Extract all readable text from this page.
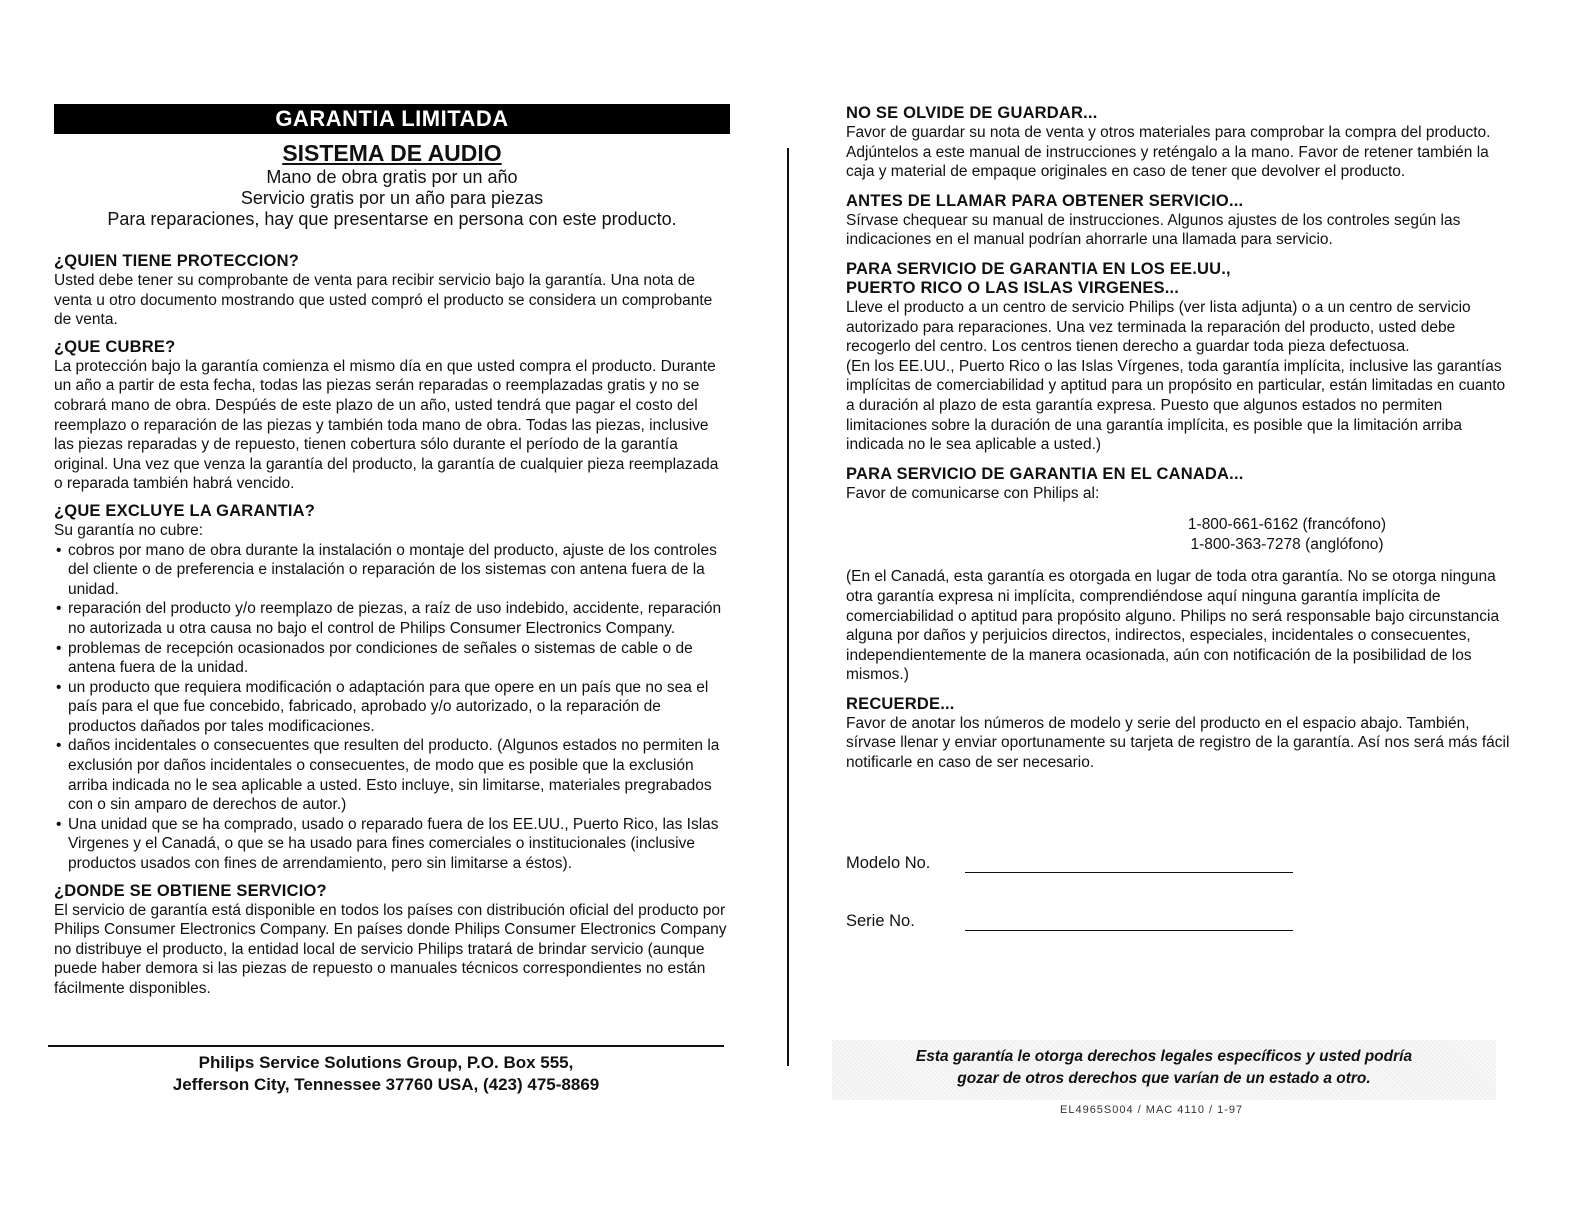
GARANTIA LIMITADA
SISTEMA DE AUDIO
Mano de obra gratis por un año
Servicio gratis por un año para piezas
Para reparaciones, hay que presentarse en persona con este producto.
¿QUIEN TIENE PROTECCION?
Usted debe tener su comprobante de venta para recibir servicio bajo la garantía. Una nota de venta u otro documento mostrando que usted compró el producto se considera un comprobante de venta.
¿QUE CUBRE?
La protección bajo la garantía comienza el mismo día en que usted compra el producto. Durante un año a partir de esta fecha, todas las piezas serán reparadas o reemplazadas gratis y no se cobrará mano de obra. Despúés de este plazo de un año, usted tendrá que pagar el costo del reemplazo o reparación de las piezas y también toda mano de obra. Todas las piezas, inclusive las piezas reparadas y de repuesto, tienen cobertura sólo durante el período de la garantía original. Una vez que venza la garantía del producto, la garantía de cualquier pieza reemplazada o reparada también habrá vencido.
¿QUE EXCLUYE LA GARANTIA?
Su garantía no cubre:
• cobros por mano de obra durante la instalación o montaje del producto, ajuste de los controles del cliente o de preferencia e instalación o reparación de los sistemas con antena fuera de la unidad.
• reparación del producto y/o reemplazo de piezas, a raíz de uso indebido, accidente, reparación no autorizada u otra causa no bajo el control de Philips Consumer Electronics Company.
• problemas de recepción ocasionados por condiciones de señales o sistemas de cable o de antena fuera de la unidad.
• un producto que requiera modificación o adaptación para que opere en un país que no sea el país para el que fue concebido, fabricado, aprobado y/o autorizado, o la reparación de productos dañados por tales modificaciones.
• daños incidentales o consecuentes que resulten del producto. (Algunos estados no permiten la exclusión por daños incidentales o consecuentes, de modo que es posible que la exclusión arriba indicada no le sea aplicable a usted. Esto incluye, sin limitarse, materiales pregrabados con o sin amparo de derechos de autor.)
• Una unidad que se ha comprado, usado o reparado fuera de los EE.UU., Puerto Rico, las Islas Virgenes y el Canadá, o que se ha usado para fines comerciales o institucionales (inclusive productos usados con fines de arrendamiento, pero sin limitarse a éstos).
¿DONDE SE OBTIENE SERVICIO?
El servicio de garantía está disponible en todos los países con distribución oficial del producto por Philips Consumer Electronics Company. En países donde Philips Consumer Electronics Company no distribuye el producto, la entidad local de servicio Philips tratará de brindar servicio (aunque puede haber demora si las piezas de repuesto o manuales técnicos correspondientes no están fácilmente disponibles.
Philips Service Solutions Group, P.O. Box 555,
Jefferson City, Tennessee 37760 USA, (423) 475-8869
NO SE OLVIDE DE GUARDAR...
Favor de guardar su nota de venta y otros materiales para comprobar la compra del producto. Adjúntelos a este manual de instrucciones y reténgalo a la mano. Favor de retener también la caja y material de empaque originales en caso de tener que devolver el producto.
ANTES DE LLAMAR PARA OBTENER SERVICIO...
Sírvase chequear su manual de instrucciones. Algunos ajustes de los controles según las indicaciones en el manual podrían ahorrarle una llamada para servicio.
PARA SERVICIO DE GARANTIA EN LOS EE.UU.,
PUERTO RICO O LAS ISLAS VIRGENES...
Lleve el producto a un centro de servicio Philips (ver lista adjunta) o a un centro de servicio autorizado para reparaciones. Una vez terminada la reparación del producto, usted debe recogerlo del centro. Los centros tienen derecho a guardar toda pieza defectuosa.
(En los EE.UU., Puerto Rico o las Islas Vírgenes, toda garantía implícita, inclusive las garantías implícitas de comerciabilidad y aptitud para un propósito en particular, están limitadas en cuanto a duración al plazo de esta garantía expresa. Puesto que algunos estados no permiten limitaciones sobre la duración de una garantía implícita, es posible que la limitación arriba indicada no le sea aplicable a usted.)
PARA SERVICIO DE GARANTIA EN EL CANADA...
Favor de comunicarse con Philips al:
1-800-661-6162 (francófono)
1-800-363-7278 (anglófono)
(En el Canadá, esta garantía es otorgada en lugar de toda otra garantía. No se otorga ninguna otra garantía expresa ni implícita, comprendiéndose aquí ninguna garantía implícita de comerciabilidad o aptitud para propósito alguno. Philips no será responsable bajo circunstancia alguna por daños y perjuicios directos, indirectos, especiales, incidentales o consecuentes, independientemente de la manera ocasionada, aún con notificación de la posibilidad de los mismos.)
RECUERDE...
Favor de anotar los números de modelo y serie del producto en el espacio abajo. También, sírvase llenar y enviar oportunamente su tarjeta de registro de la garantía. Así nos será más fácil notificarle en caso de ser necesario.
Modelo No.
Serie No.
Esta garantía le otorga derechos legales específicos y usted podría
gozar de otros derechos que varían de un estado a otro.
EL4965S004 / MAC 4110 / 1-97
